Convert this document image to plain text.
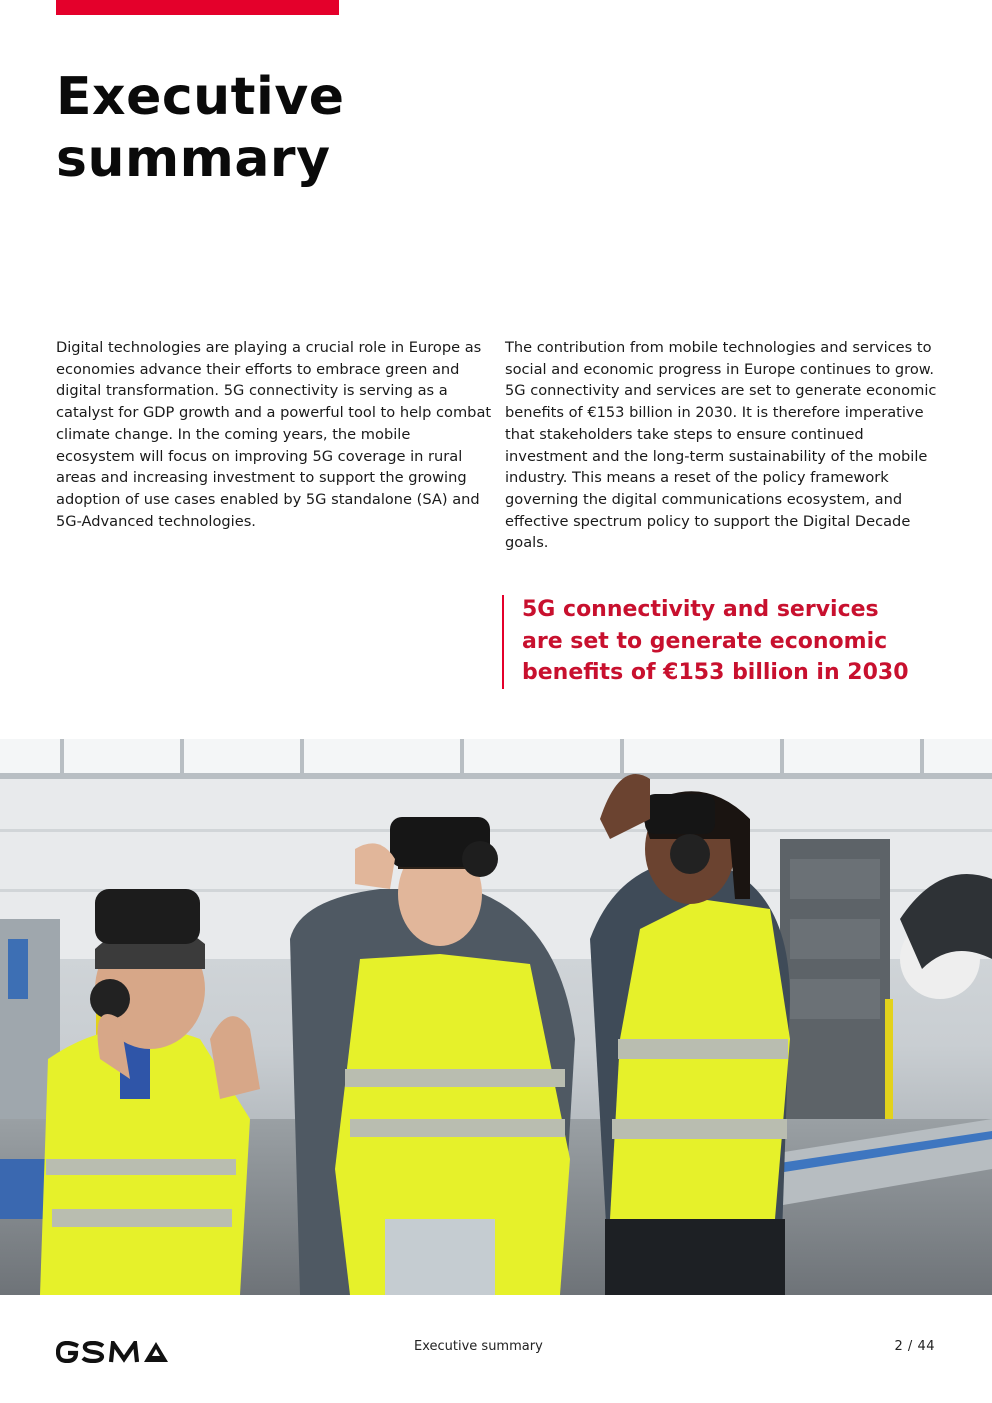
Executive
summary

Digital technologies are playing a crucial role in Europe as economies advance their efforts to embrace green and digital transformation. 5G connectivity is serving as a catalyst for GDP growth and a powerful tool to help combat climate change. In the coming years, the mobile ecosystem will focus on improving 5G coverage in rural areas and increasing investment to support the growing adoption of use cases enabled by 5G standalone (SA) and 5G-Advanced technologies.

The contribution from mobile technologies and services to social and economic progress in Europe continues to grow. 5G connectivity and services are set to generate economic benefits of €153 billion in 2030. It is therefore imperative that stakeholders take steps to ensure continued investment and the long-term sustainability of the mobile industry. This means a reset of the policy framework governing the digital communications ecosystem, and effective spectrum policy to support the Digital Decade goals.

5G connectivity and services
are set to generate economic
benefits of €153 billion in 2030

Executive summary	2 / 44
